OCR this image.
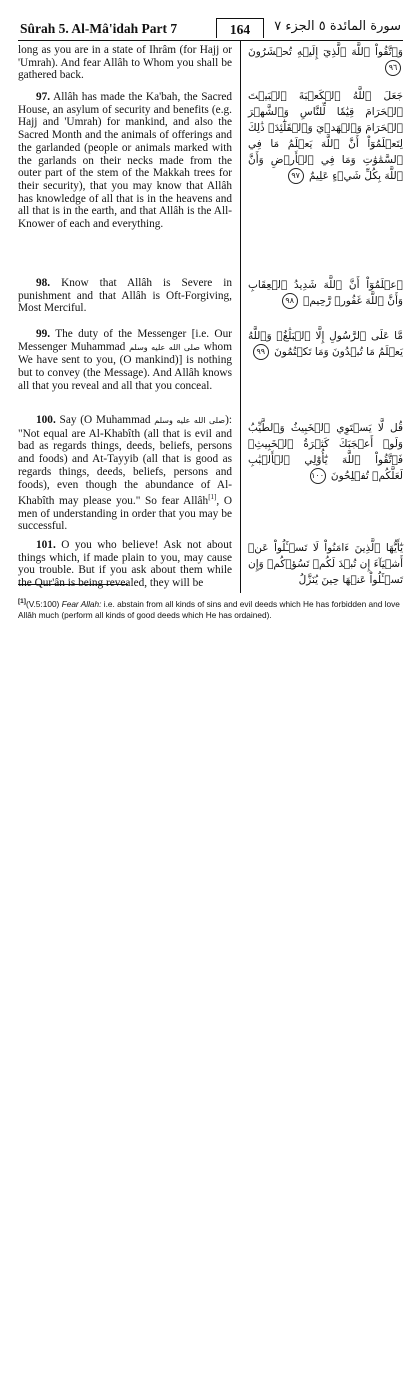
Sûrah 5. Al-Mâ'idah Part 7	164	سورة المائدة ٥ الجزء ٧

long as you are in a state of Ihrâm (for Hajj or 'Umrah). And fear Allâh to Whom you shall be gathered back.

97. Allâh has made the Ka'bah, the Sacred House, an asylum of security and benefits (e.g. Hajj and 'Umrah) for mankind, and also the Sacred Month and the animals of offerings and the garlanded (people or animals marked with the garlands on their necks made from the outer part of the stem of the Makkah trees for their security), that you may know that Allâh has knowledge of all that is in the heavens and all that is in the earth, and that Allâh is the All-Knower of each and everything.

98. Know that Allâh is Severe in punishment and that Allâh is Oft-Forgiving, Most Merciful.

99. The duty of the Messenger [i.e. Our Messenger Muhammad صلى الله عليه وسلم whom We have sent to you, (O mankind)] is nothing but to convey (the Message). And Allâh knows all that you reveal and all that you conceal.

100. Say (O Muhammad صلى الله عليه وسلم): "Not equal are Al-Khabîth (all that is evil and bad as regards things, deeds, beliefs, persons and foods) and At-Tayyib (all that is good as regards things, deeds, beliefs, persons and foods), even though the abundance of Al-Khabîth may please you." So fear Allâh[1], O men of understanding in order that you may be successful.

101. O you who believe! Ask not about things which, if made plain to you, may cause you trouble. But if you ask about them while the Qur'ân is being revealed, they will be

وَٱتَّقُواْ ٱللَّهَ ٱلَّذِيٓ إِلَيۡهِ تُحۡشَرُونَ ٩٦
جَعَلَ ٱللَّهُ ٱلۡكَعۡبَةَ ٱلۡبَيۡتَ ٱلۡحَرَامَ قِيَٰمٗا لِّلنَّاسِ وَٱلشَّهۡرَ ٱلۡحَرَامَ وَٱلۡهَدۡيَ وَٱلۡقَلَٰٓئِدَۚ ذَٰلِكَ لِتَعۡلَمُوٓاْ أَنَّ ٱللَّهَ يَعۡلَمُ مَا فِي ٱلسَّمَٰوَٰتِ وَمَا فِي ٱلۡأَرۡضِ وَأَنَّ ٱللَّهَ بِكُلِّ شَيۡءٍ عَلِيمٌ ٩٧
ٱعۡلَمُوٓاْ أَنَّ ٱللَّهَ شَدِيدُ ٱلۡعِقَابِ وَأَنَّ ٱللَّهَ غَفُورٞ رَّحِيمٞ ٩٨
مَّا عَلَى ٱلرَّسُولِ إِلَّا ٱلۡبَلَٰغُۗ وَٱللَّهُ يَعۡلَمُ مَا تُبۡدُونَ وَمَا تَكۡتُمُونَ ٩٩
قُل لَّا يَسۡتَوِي ٱلۡخَبِيثُ وَٱلطَّيِّبُ وَلَوۡ أَعۡجَبَكَ كَثۡرَةُ ٱلۡخَبِيثِۚ فَٱتَّقُواْ ٱللَّهَ يَٰٓأُوْلِي ٱلۡأَلۡبَٰبِ لَعَلَّكُمۡ تُفۡلِحُونَ ١٠٠
يَٰٓأَيُّهَا ٱلَّذِينَ ءَامَنُواْ لَا تَسۡـَٔلُواْ عَنۡ أَشۡيَآءَ إِن تُبۡدَ لَكُمۡ تَسُؤۡكُمۡ وَإِن تَسۡـَٔلُواْ عَنۡهَا حِينَ يُنَزَّلُ
[1](V.5:100) Fear Allah: i.e. abstain from all kinds of sins and evil deeds which He has forbidden and love Allâh much (perform all kinds of good deeds which He has ordained).
